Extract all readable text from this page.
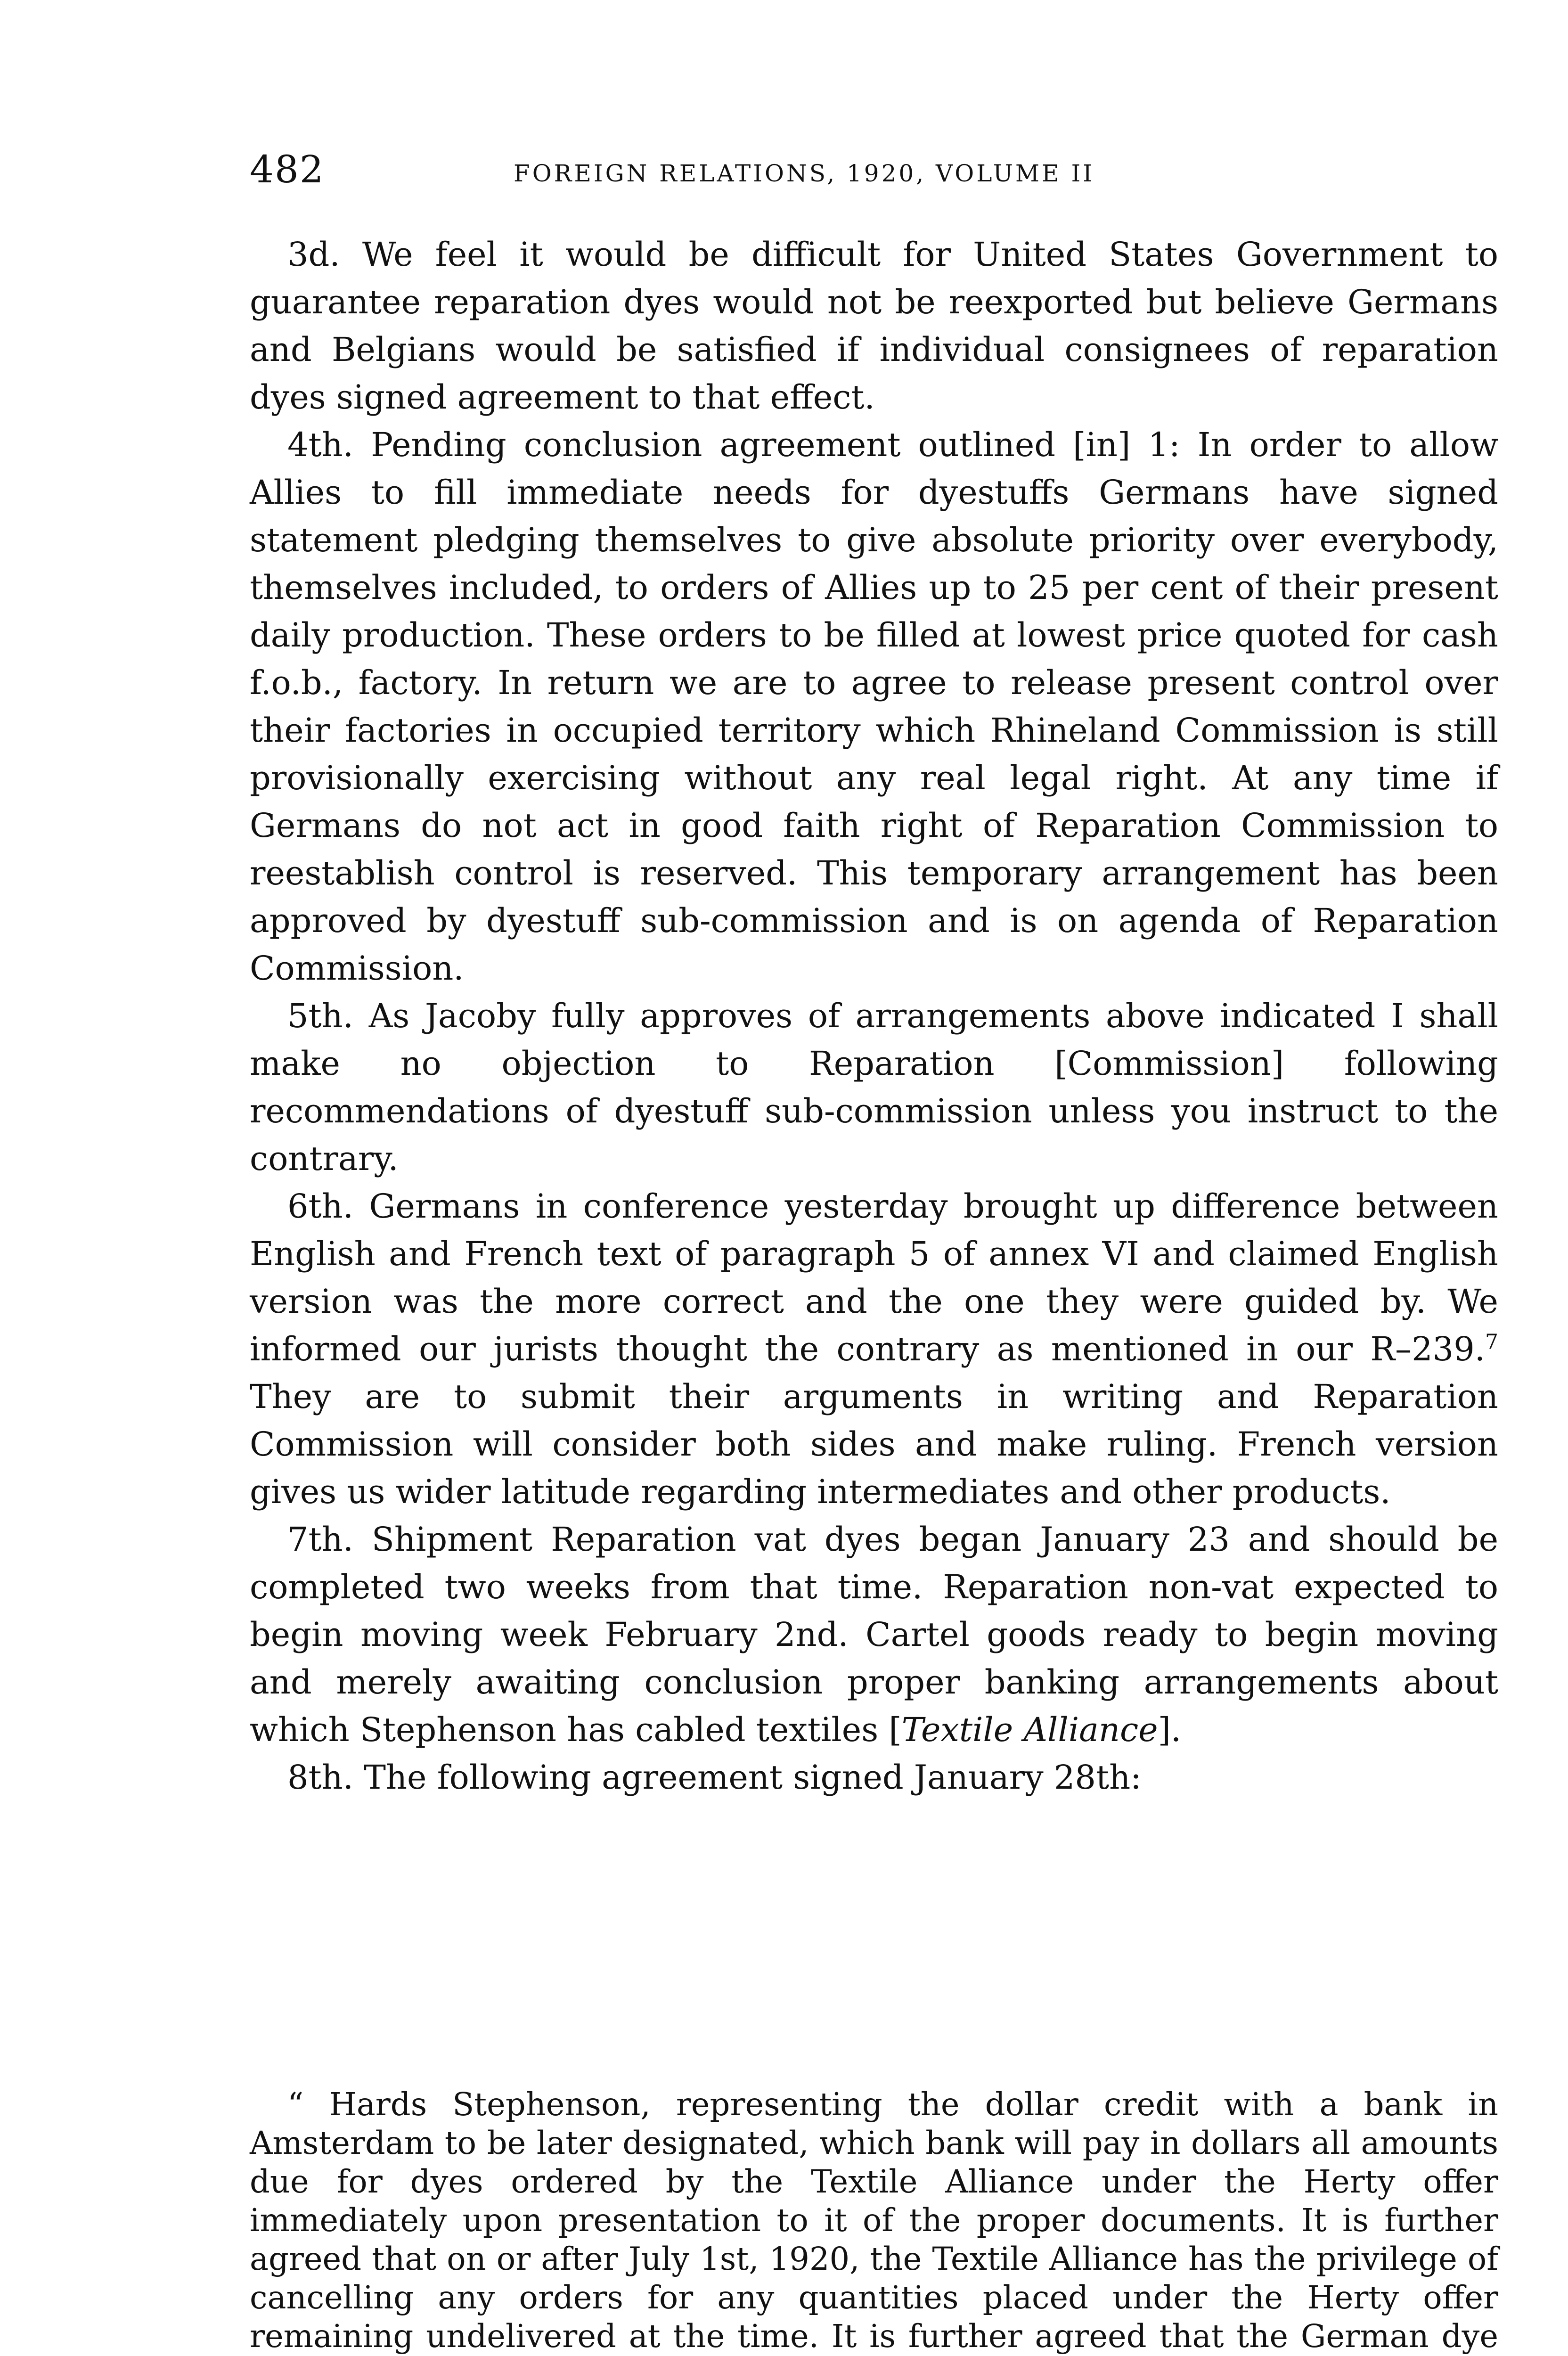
482	FOREIGN RELATIONS, 1920, VOLUME II

3d. We feel it would be difficult for United States Government to guarantee reparation dyes would not be reexported but believe Germans and Belgians would be satisfied if individual consignees of reparation dyes signed agreement to that effect.

4th. Pending conclusion agreement outlined [in] 1: In order to allow Allies to fill immediate needs for dyestuffs Germans have signed statement pledging themselves to give absolute priority over everybody, themselves included, to orders of Allies up to 25 per cent of their present daily production. These orders to be filled at lowest price quoted for cash f.o.b., factory. In return we are to agree to release present control over their factories in occupied territory which Rhineland Commission is still provisionally exercising without any real legal right. At any time if Germans do not act in good faith right of Reparation Commission to reestablish control is reserved. This temporary arrangement has been approved by dyestuff sub-commission and is on agenda of Reparation Commission.

5th. As Jacoby fully approves of arrangements above indicated I shall make no objection to Reparation [Commission] following recommendations of dyestuff sub-commission unless you instruct to the contrary.

6th. Germans in conference yesterday brought up difference between English and French text of paragraph 5 of annex VI and claimed English version was the more correct and the one they were guided by. We informed our jurists thought the contrary as mentioned in our R–239.$^7$ They are to submit their arguments in writing and Reparation Commission will consider both sides and make ruling. French version gives us wider latitude regarding intermediates and other products.

7th. Shipment Reparation vat dyes began January 23 and should be completed two weeks from that time. Reparation non-vat expected to begin moving week February 2nd. Cartel goods ready to begin moving and merely awaiting conclusion proper banking arrangements about which Stephenson has cabled textiles [Textile Alliance].

8th. The following agreement signed January 28th:

“ Hards Stephenson, representing the dollar credit with a bank in Amsterdam to be later designated, which bank will pay in dollars all amounts due for dyes ordered by the Textile Alliance under the Herty offer immediately upon presentation to it of the proper documents. It is further agreed that on or after July 1st, 1920, the Textile Alliance has the privilege of cancelling any orders for any quantities placed under the Herty offer remaining undelivered at the time. It is further agreed that the German dye
